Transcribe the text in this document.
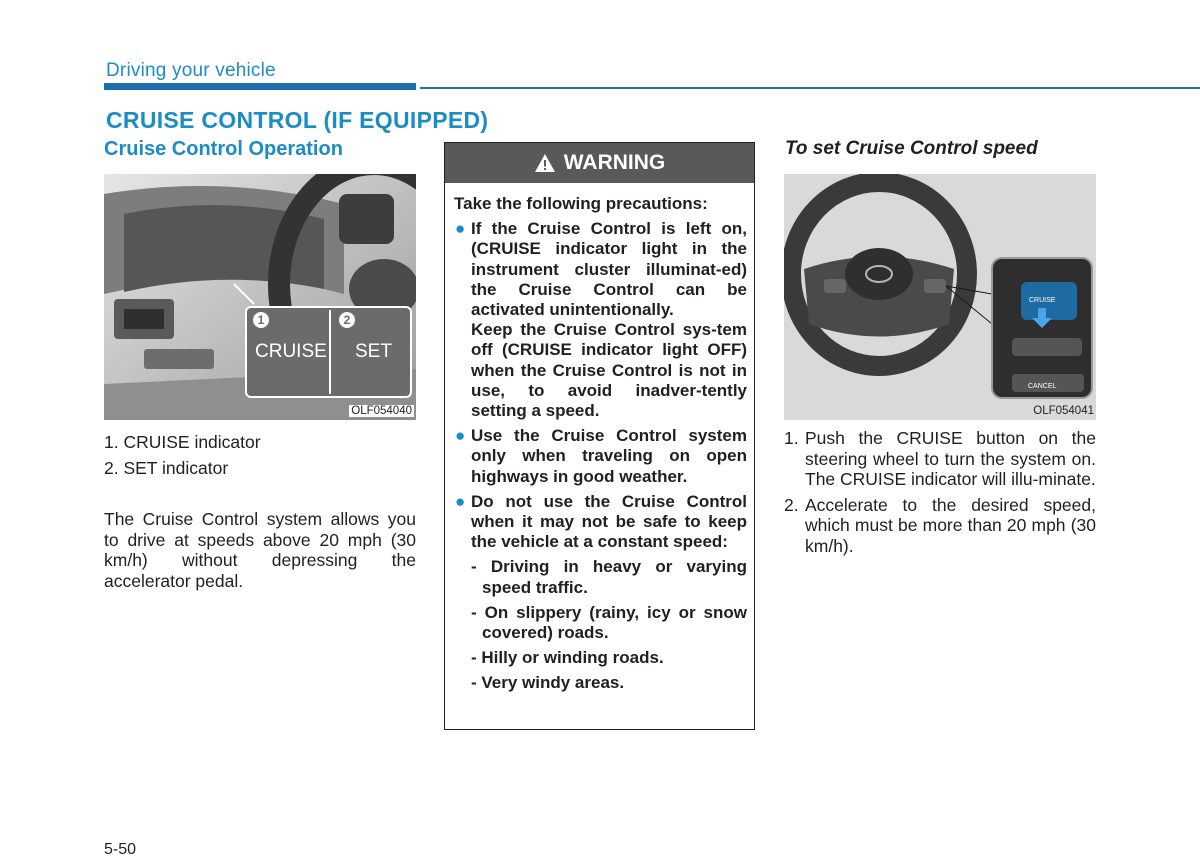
Driving your vehicle
CRUISE CONTROL (IF EQUIPPED)
Cruise Control Operation
1	2
CRUISE SET
OLF054040
1. CRUISE indicator
2. SET indicator
The Cruise Control system allows you to drive at speeds above 20 mph (30 km/h) without depressing the accelerator pedal.
WARNING

Take the following precautions:

● If the Cruise Control is left on, (CRUISE indicator light in the instrument cluster illuminat-ed) the Cruise Control can be activated unintentionally.

Keep the Cruise Control sys-tem off (CRUISE indicator light OFF) when the Cruise Control is not in use, to avoid inadver-tently setting a speed.

● Use the Cruise Control system only when traveling on open highways in good weather.

● Do not use the Cruise Control when it may not be safe to keep the vehicle at a constant speed:

- Driving in heavy or varying speed traffic.

- On slippery (rainy, icy or snow covered) roads.

- Hilly or winding roads.

- Very windy areas.

To set Cruise Control speed
CRUISE
CANCEL
OLF054041
1. Push the CRUISE button on the steering wheel to turn the system on. The CRUISE indicator will illu-minate.
2. Accelerate to the desired speed, which must be more than 20 mph (30 km/h).
5-50
